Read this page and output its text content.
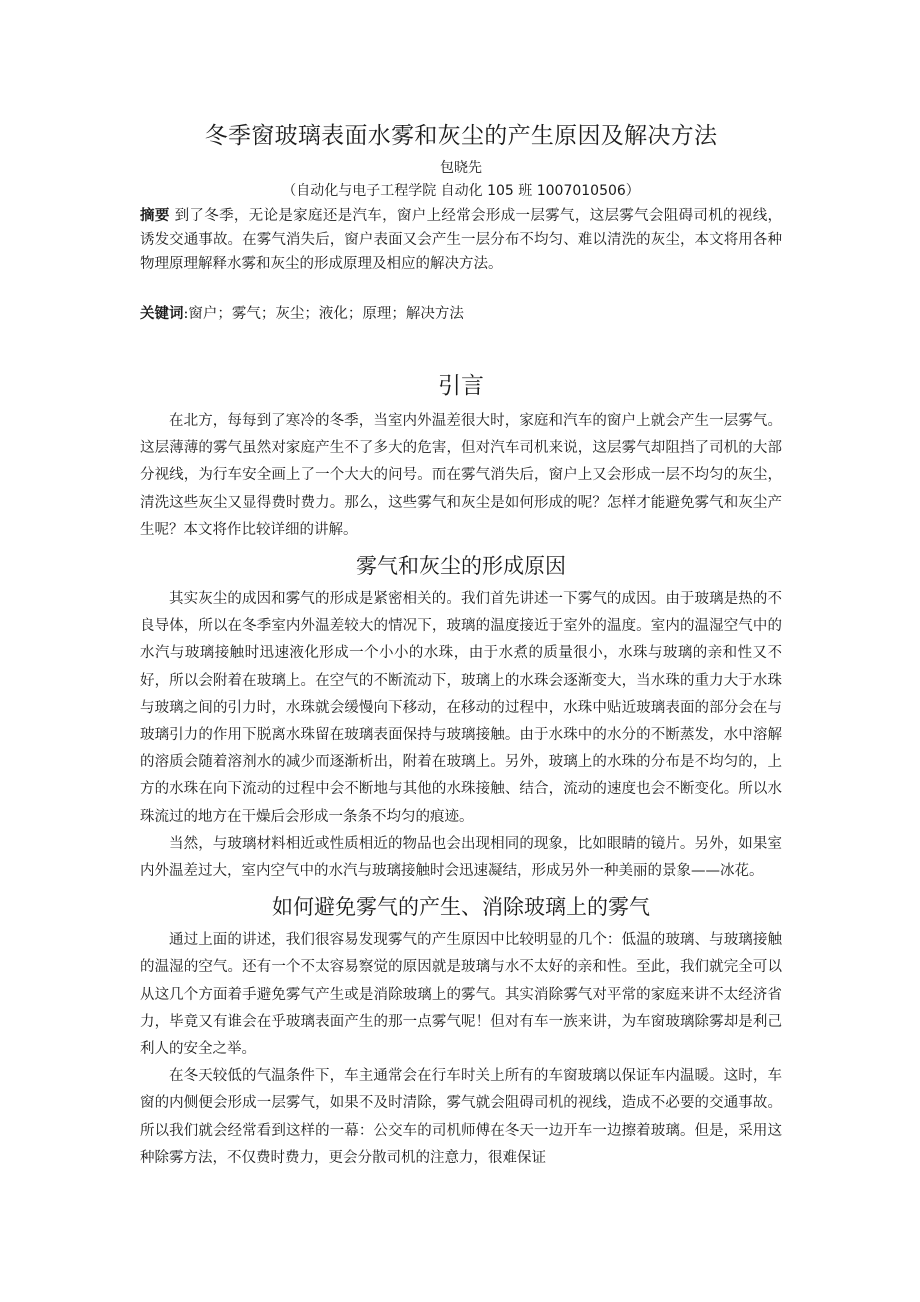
冬季窗玻璃表面水雾和灰尘的产生原因及解决方法
包晓先
（自动化与电子工程学院 自动化 105 班 1007010506）

摘要 到了冬季，无论是家庭还是汽车，窗户上经常会形成一层雾气，这层雾气会阻碍司机的视线，诱发交通事故。在雾气消失后，窗户表面又会产生一层分布不均匀、难以清洗的灰尘，本文将用各种物理原理解释水雾和灰尘的形成原理及相应的解决方法。

关键词:窗户；雾气；灰尘；液化；原理；解决方法

引言

在北方，每每到了寒冷的冬季，当室内外温差很大时，家庭和汽车的窗户上就会产生一层雾气。这层薄薄的雾气虽然对家庭产生不了多大的危害，但对汽车司机来说，这层雾气却阻挡了司机的大部分视线，为行车安全画上了一个大大的问号。而在雾气消失后，窗户上又会形成一层不均匀的灰尘，清洗这些灰尘又显得费时费力。那么，这些雾气和灰尘是如何形成的呢？怎样才能避免雾气和灰尘产生呢？本文将作比较详细的讲解。

雾气和灰尘的形成原因

其实灰尘的成因和雾气的形成是紧密相关的。我们首先讲述一下雾气的成因。由于玻璃是热的不良导体，所以在冬季室内外温差较大的情况下，玻璃的温度接近于室外的温度。室内的温湿空气中的水汽与玻璃接触时迅速液化形成一个小小的水珠，由于水煮的质量很小，水珠与玻璃的亲和性又不好，所以会附着在玻璃上。在空气的不断流动下，玻璃上的水珠会逐渐变大，当水珠的重力大于水珠与玻璃之间的引力时，水珠就会缓慢向下移动，在移动的过程中，水珠中贴近玻璃表面的部分会在与玻璃引力的作用下脱离水珠留在玻璃表面保持与玻璃接触。由于水珠中的水分的不断蒸发，水中溶解的溶质会随着溶剂水的减少而逐渐析出，附着在玻璃上。另外，玻璃上的水珠的分布是不均匀的，上方的水珠在向下流动的过程中会不断地与其他的水珠接触、结合，流动的速度也会不断变化。所以水珠流过的地方在干燥后会形成一条条不均匀的痕迹。

当然，与玻璃材料相近或性质相近的物品也会出现相同的现象，比如眼睛的镜片。另外，如果室内外温差过大，室内空气中的水汽与玻璃接触时会迅速凝结，形成另外一种美丽的景象——冰花。

如何避免雾气的产生、消除玻璃上的雾气

通过上面的讲述，我们很容易发现雾气的产生原因中比较明显的几个：低温的玻璃、与玻璃接触的温湿的空气。还有一个不太容易察觉的原因就是玻璃与水不太好的亲和性。至此，我们就完全可以从这几个方面着手避免雾气产生或是消除玻璃上的雾气。其实消除雾气对平常的家庭来讲不太经济省力，毕竟又有谁会在乎玻璃表面产生的那一点雾气呢！但对有车一族来讲，为车窗玻璃除雾却是利己利人的安全之举。

在冬天较低的气温条件下，车主通常会在行车时关上所有的车窗玻璃以保证车内温暖。这时，车窗的内侧便会形成一层雾气，如果不及时清除，雾气就会阻碍司机的视线，造成不必要的交通事故。所以我们就会经常看到这样的一幕：公交车的司机师傅在冬天一边开车一边擦着玻璃。但是，采用这种除雾方法，不仅费时费力，更会分散司机的注意力，很难保证
